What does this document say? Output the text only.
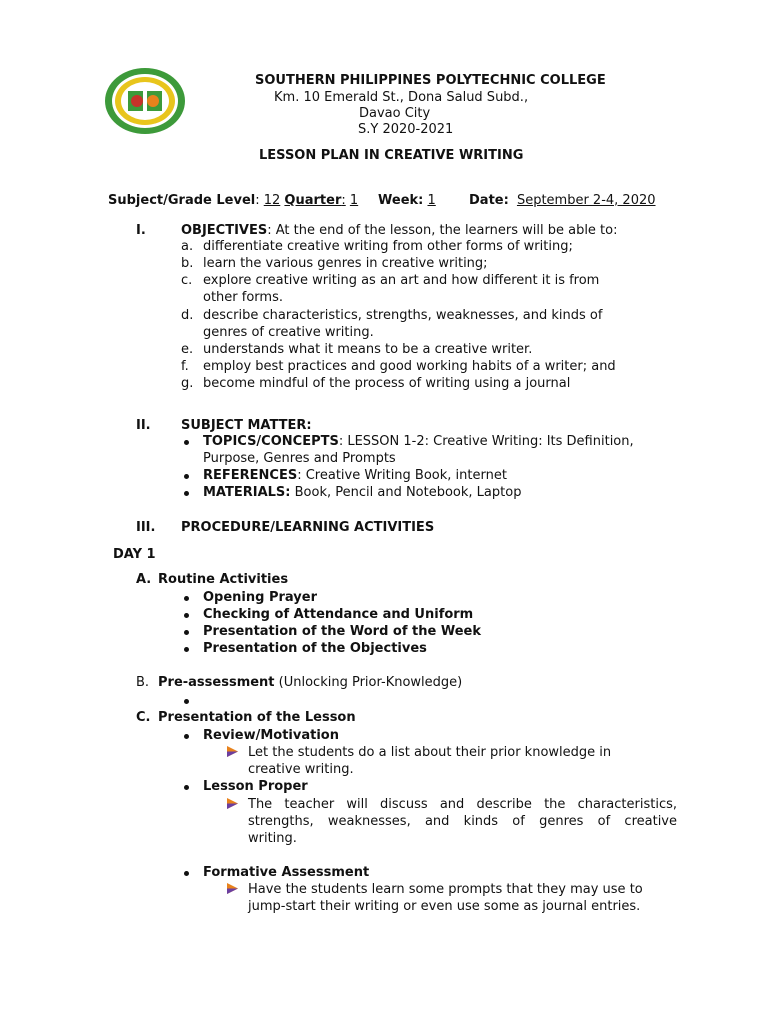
SOUTHERN PHILIPPINES POLYTECHNIC COLLEGE
Km. 10 Emerald St., Dona Salud Subd.,
Davao City
S.Y 2020-2021
LESSON PLAN IN CREATIVE WRITING
Subject/Grade Level: 12 Quarter: 1 Week: 1	Date: September 2-4, 2020
I.	OBJECTIVES: At the end of the lesson, the learners will be able to:
a. differentiate creative writing from other forms of writing;
b. learn the various genres in creative writing;
c. explore creative writing as an art and how different it is from
other forms.
d. describe characteristics, strengths, weaknesses, and kinds of
genres of creative writing.
e. understands what it means to be a creative writer.
f. employ best practices and good working habits of a writer; and
g. become mindful of the process of writing using a journal
II. SUBJECT MATTER:
TOPICS/CONCEPTS: LESSON 1-2: Creative Writing: Its Definition,
Purpose, Genres and Prompts
REFERENCES: Creative Writing Book, internet
MATERIALS: Book, Pencil and Notebook, Laptop
III. PROCEDURE/LEARNING ACTIVITIES
DAY 1
A. Routine Activities
Opening Prayer
Checking of Attendance and Uniform
Presentation of the Word of the Week
Presentation of the Objectives
B. Pre-assessment (Unlocking Prior-Knowledge)
C. Presentation of the Lesson
Review/Motivation
Let the students do a list about their prior knowledge in
creative writing.
Lesson Proper
The teacher will discuss and describe the characteristics,
strengths, weaknesses, and kinds of genres of creative
writing.
Formative Assessment
Have the students learn some prompts that they may use to
jump-start their writing or even use some as journal entries.
